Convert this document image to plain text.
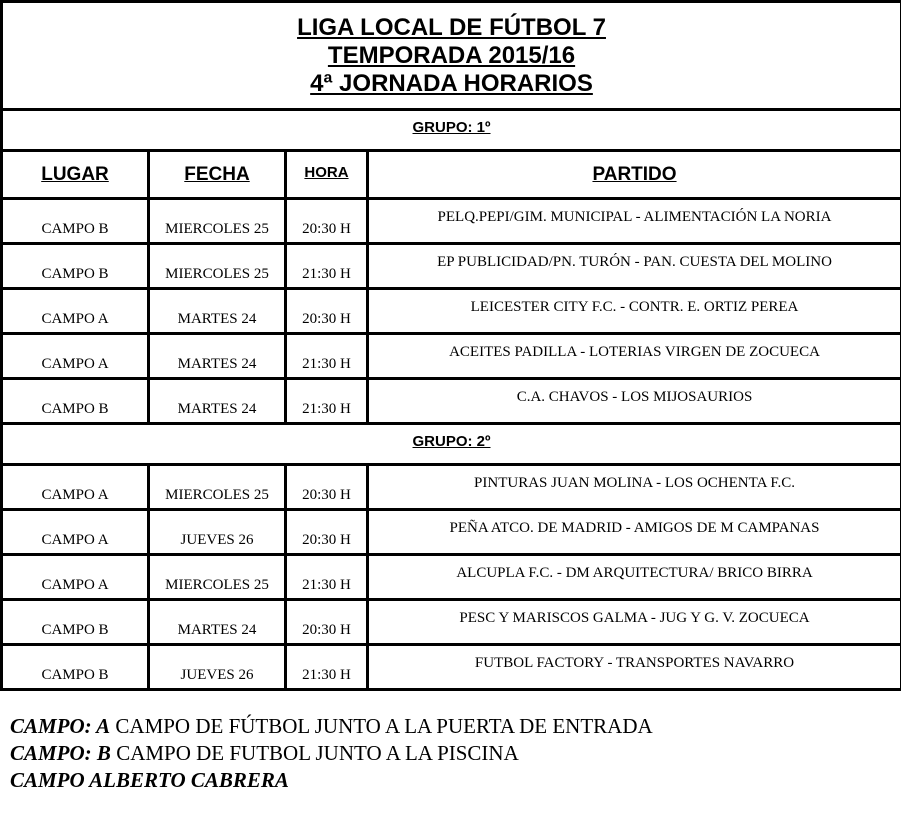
LIGA LOCAL DE FÚTBOL 7
TEMPORADA 2015/16
4ª JORNADA HORARIOS			

GRUPO: 1º			
LUGAR	FECHA	HORA	PARTIDO
CAMPO B	MIERCOLES 25	20:30 H	PELQ.PEPI/GIM. MUNICIPAL - ALIMENTACIÓN LA NORIA
CAMPO B	MIERCOLES 25	21:30 H	EP PUBLICIDAD/PN. TURÓN - PAN. CUESTA DEL MOLINO
CAMPO A	MARTES 24	20:30 H	LEICESTER CITY F.C. - CONTR. E. ORTIZ PEREA
CAMPO A	MARTES 24	21:30 H	ACEITES PADILLA - LOTERIAS VIRGEN DE ZOCUECA
CAMPO B	MARTES 24	21:30 H	C.A. CHAVOS - LOS MIJOSAURIOS
GRUPO: 2º			
CAMPO A	MIERCOLES 25	20:30 H	PINTURAS JUAN MOLINA - LOS OCHENTA F.C.
CAMPO A	JUEVES 26	20:30 H	PEÑA ATCO. DE MADRID - AMIGOS DE M CAMPANAS
CAMPO A	MIERCOLES 25	21:30 H	ALCUPLA F.C. - DM ARQUITECTURA/ BRICO BIRRA
CAMPO B	MARTES 24	20:30 H	PESC Y MARISCOS GALMA - JUG Y G. V. ZOCUECA
CAMPO B	JUEVES 26	21:30 H	FUTBOL FACTORY - TRANSPORTES NAVARRO
CAMPO: A CAMPO DE FÚTBOL JUNTO A LA PUERTA DE ENTRADA
CAMPO: B CAMPO DE FUTBOL JUNTO A LA PISCINA
CAMPO ALBERTO CABRERA
